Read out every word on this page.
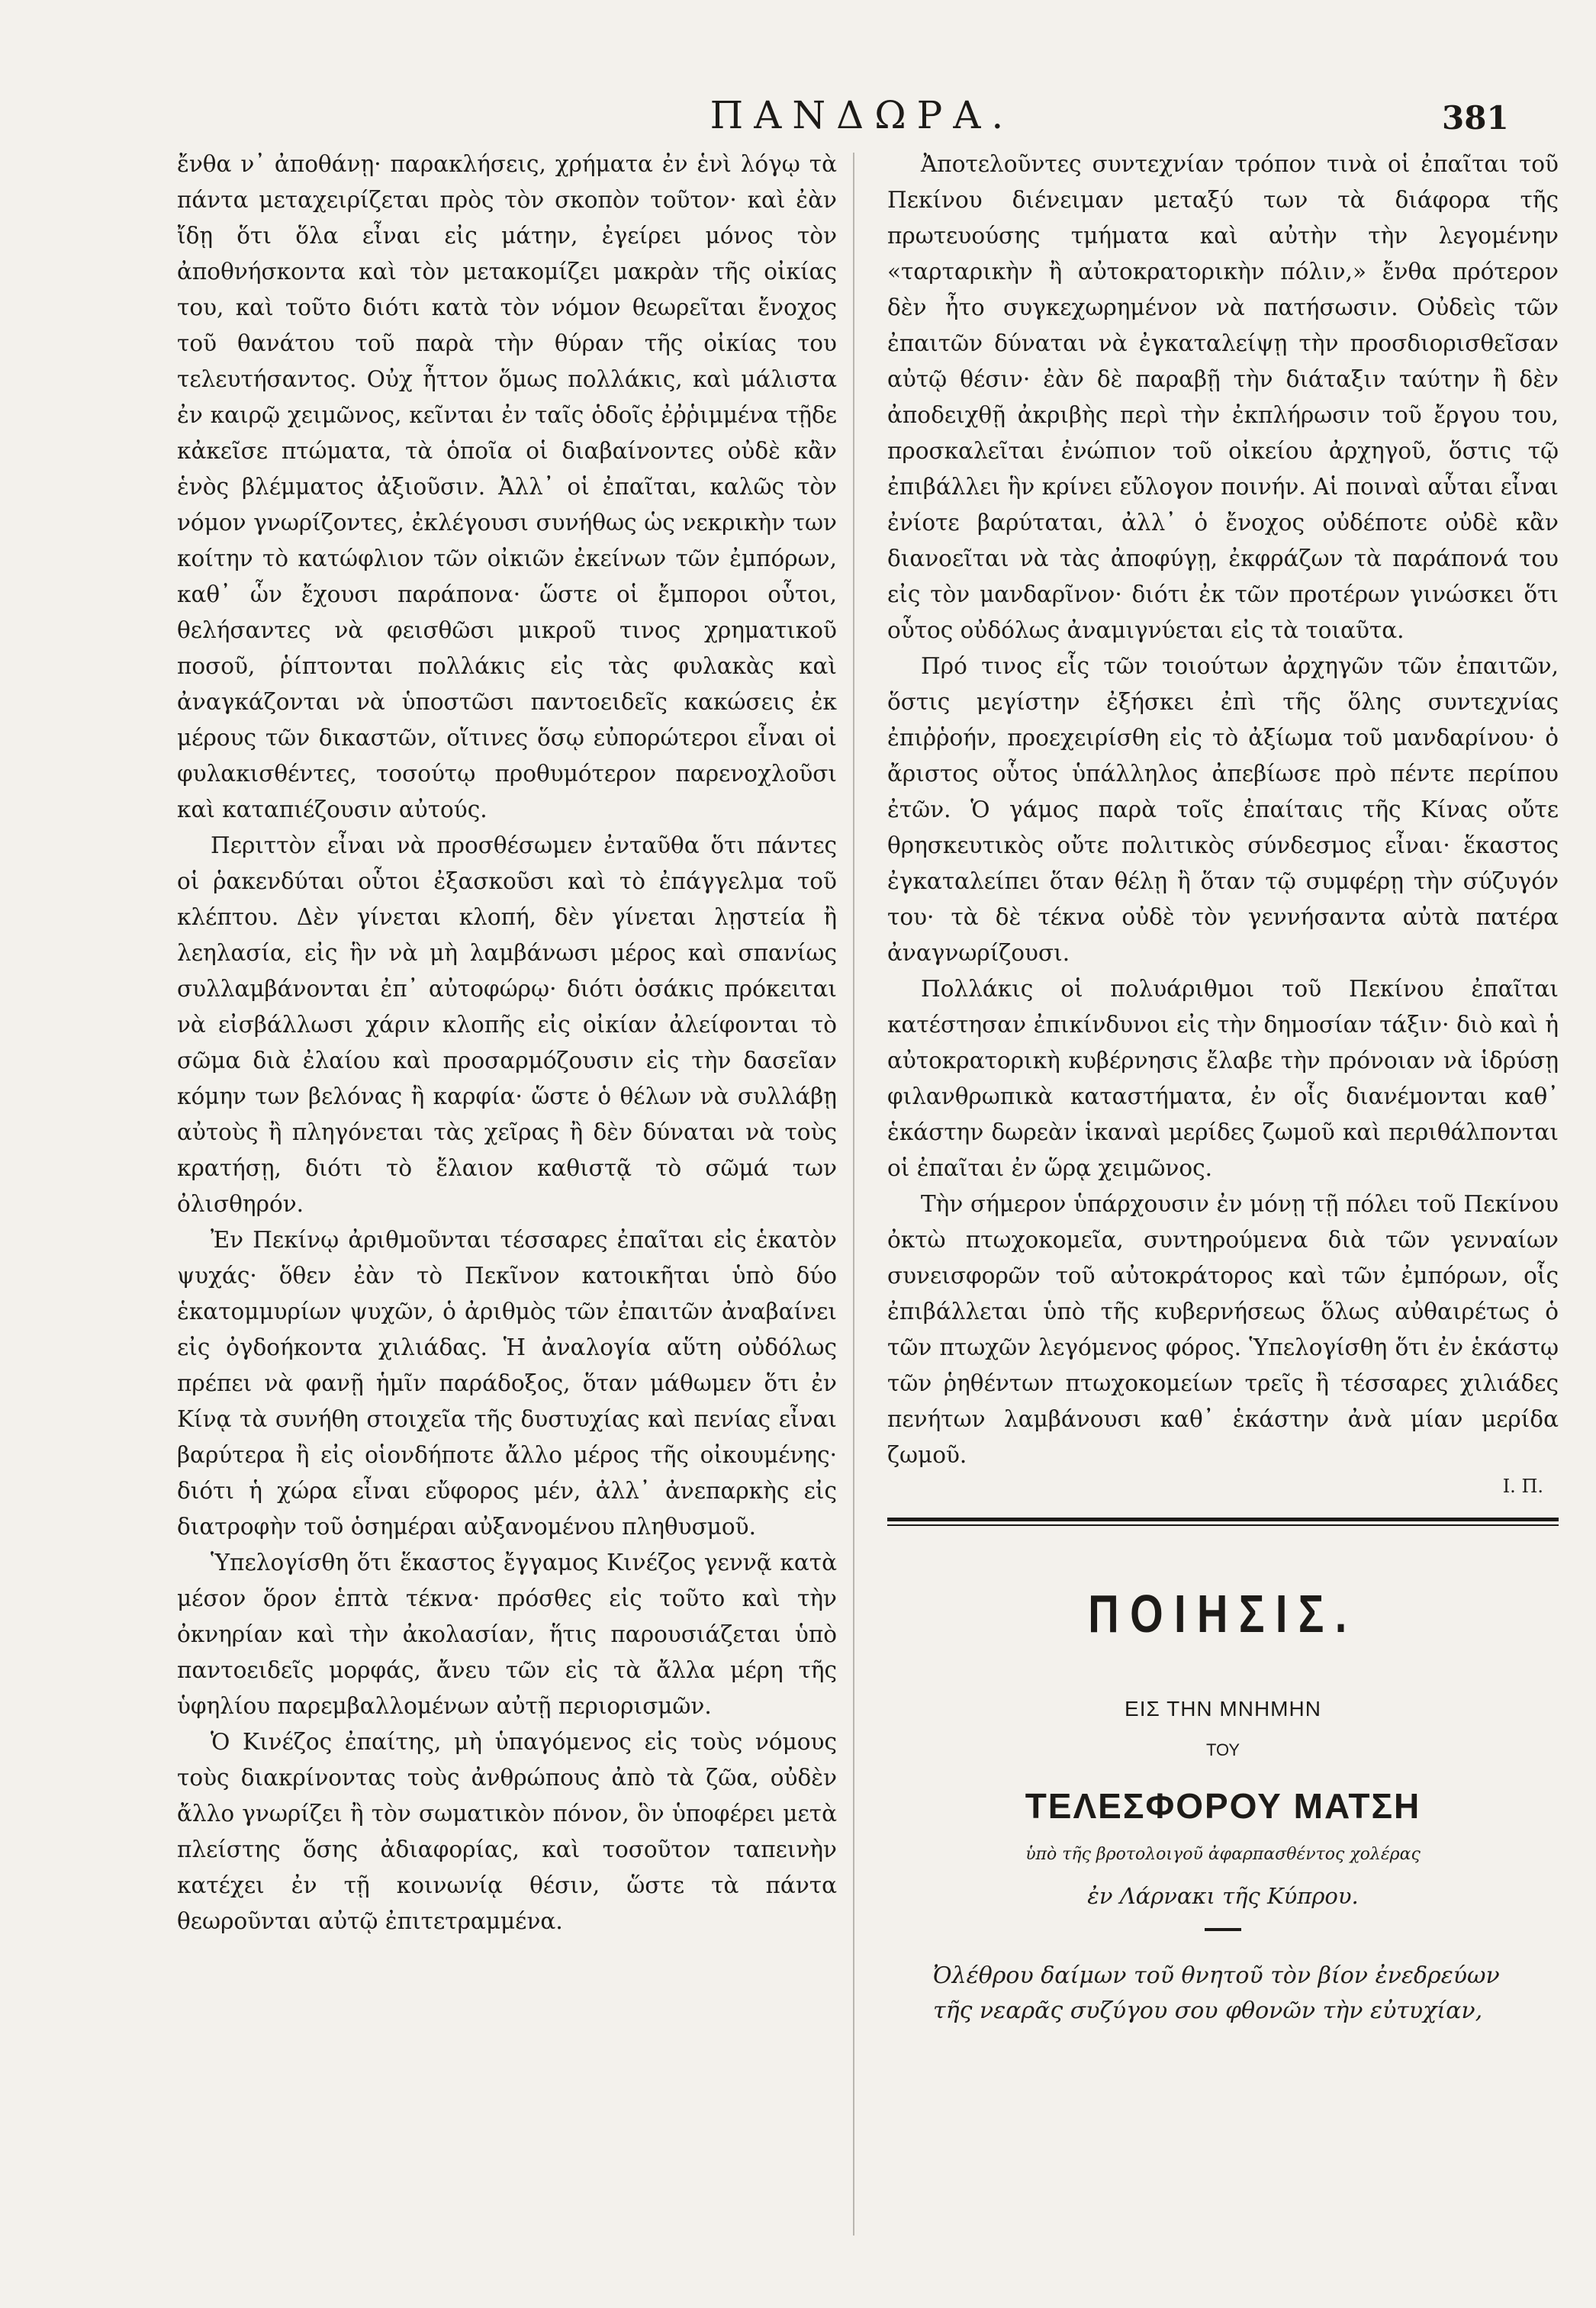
ΠΑΝΔΩΡΑ.	381

ἔνθα ν᾿ ἀποθάνῃ· παρακλήσεις, χρήματα ἐν ἑνὶ λόγῳ τὰ πάντα μεταχειρίζεται πρὸς τὸν σκοπὸν τοῦτον· καὶ ἐὰν ἴδῃ ὅτι ὅλα εἶναι εἰς μάτην, ἐγείρει μόνος τὸν ἀποθνήσκοντα καὶ τὸν μετακομίζει μακρὰν τῆς οἰκίας του, καὶ τοῦτο διότι κατὰ τὸν νόμον θεωρεῖται ἔνοχος τοῦ θανάτου τοῦ παρὰ τὴν θύραν τῆς οἰκίας του τελευτήσαντος. Οὐχ ἧττον ὅμως πολλάκις, καὶ μάλιστα ἐν καιρῷ χειμῶνος, κεῖνται ἐν ταῖς ὁδοῖς ἐῤῥιμμένα τῇδε κἀκεῖσε πτώματα, τὰ ὁποῖα οἱ διαβαίνοντες οὐδὲ κἂν ἑνὸς βλέμματος ἀξιοῦσιν. Ἀλλ᾿ οἱ ἐπαῖται, καλῶς τὸν νόμον γνωρίζοντες, ἐκλέγουσι συνήθως ὡς νεκρικὴν των κοίτην τὸ κατώφλιον τῶν οἰκιῶν ἐκείνων τῶν ἐμπόρων, καθ᾿ ὧν ἔχουσι παράπονα· ὥστε οἱ ἔμποροι οὗτοι, θελήσαντες νὰ φεισθῶσι μικροῦ τινος χρηματικοῦ ποσοῦ, ῥίπτονται πολλάκις εἰς τὰς φυλακὰς καὶ ἀναγκάζονται νὰ ὑποστῶσι παντοειδεῖς κακώσεις ἐκ μέρους τῶν δικαστῶν, οἵτινες ὅσῳ εὐπορώτεροι εἶναι οἱ φυλακισθέντες, τοσούτῳ προθυμότερον παρενοχλοῦσι καὶ καταπιέζουσιν αὐτούς.

Περιττὸν εἶναι νὰ προσθέσωμεν ἐνταῦθα ὅτι πάντες οἱ ῥακενδύται οὗτοι ἐξασκοῦσι καὶ τὸ ἐπάγγελμα τοῦ κλέπτου. Δὲν γίνεται κλοπή, δὲν γίνεται λῃστεία ἢ λεηλασία, εἰς ἣν νὰ μὴ λαμβάνωσι μέρος καὶ σπανίως συλλαμβάνονται ἐπ᾿ αὐτοφώρῳ· διότι ὁσάκις πρόκειται νὰ εἰσβάλλωσι χάριν κλοπῆς εἰς οἰκίαν ἀλείφονται τὸ σῶμα διὰ ἐλαίου καὶ προσαρμόζουσιν εἰς τὴν δασεῖαν κόμην των βελόνας ἢ καρφία· ὥστε ὁ θέλων νὰ συλλάβῃ αὐτοὺς ἢ πληγόνεται τὰς χεῖρας ἢ δὲν δύναται νὰ τοὺς κρατήσῃ, διότι τὸ ἔλαιον καθιστᾷ τὸ σῶμά των ὀλισθηρόν.

Ἐν Πεκίνῳ ἀριθμοῦνται τέσσαρες ἐπαῖται εἰς ἑκατὸν ψυχάς· ὅθεν ἐὰν τὸ Πεκῖνον κατοικῆται ὑπὸ δύο ἑκατομμυρίων ψυχῶν, ὁ ἀριθμὸς τῶν ἐπαιτῶν ἀναβαίνει εἰς ὀγδοήκοντα χιλιάδας. Ἡ ἀναλογία αὕτη οὐδόλως πρέπει νὰ φανῇ ἡμῖν παράδοξος, ὅταν μάθωμεν ὅτι ἐν Κίνᾳ τὰ συνήθη στοιχεῖα τῆς δυστυχίας καὶ πενίας εἶναι βαρύτερα ἢ εἰς οἱονδήποτε ἄλλο μέρος τῆς οἰκουμένης· διότι ἡ χώρα εἶναι εὔφορος μέν, ἀλλ᾿ ἀνεπαρκὴς εἰς διατροφὴν τοῦ ὁσημέραι αὐξανομένου πληθυσμοῦ.

Ὑπελογίσθη ὅτι ἕκαστος ἔγγαμος Κινέζος γεννᾷ κατὰ μέσον ὅρον ἑπτὰ τέκνα· πρόσθες εἰς τοῦτο καὶ τὴν ὀκνηρίαν καὶ τὴν ἀκολασίαν, ἥτις παρουσιάζεται ὑπὸ παντοειδεῖς μορφάς, ἄνευ τῶν εἰς τὰ ἄλλα μέρη τῆς ὑφηλίου παρεμβαλλομένων αὐτῇ περιορισμῶν.

Ὁ Κινέζος ἐπαίτης, μὴ ὑπαγόμενος εἰς τοὺς νόμους τοὺς διακρίνοντας τοὺς ἀνθρώπους ἀπὸ τὰ ζῶα, οὐδὲν ἄλλο γνωρίζει ἢ τὸν σωματικὸν πόνον, ὃν ὑποφέρει μετὰ πλείστης ὅσης ἀδιαφορίας, καὶ τοσοῦτον ταπεινὴν κατέχει ἐν τῇ κοινωνίᾳ θέσιν, ὥστε τὰ πάντα θεωροῦνται αὐτῷ ἐπιτετραμμένα.

Ἀποτελοῦντες συντεχνίαν τρόπον τινὰ οἱ ἐπαῖται τοῦ Πεκίνου διένειμαν μεταξύ των τὰ διάφορα τῆς πρωτευούσης τμήματα καὶ αὐτὴν τὴν λεγομένην «ταρταρικὴν ἢ αὐτοκρατορικὴν πόλιν,» ἔνθα πρότερον δὲν ἦτο συγκεχωρημένον νὰ πατήσωσιν. Οὐδεὶς τῶν ἐπαιτῶν δύναται νὰ ἐγκαταλείψῃ τὴν προσδιορισθεῖσαν αὐτῷ θέσιν· ἐὰν δὲ παραβῇ τὴν διάταξιν ταύτην ἢ δὲν ἀποδειχθῇ ἀκριβὴς περὶ τὴν ἐκπλήρωσιν τοῦ ἔργου του, προσκαλεῖται ἐνώπιον τοῦ οἰκείου ἀρχηγοῦ, ὅστις τῷ ἐπιβάλλει ἣν κρίνει εὔλογον ποινήν. Αἱ ποιναὶ αὗται εἶναι ἐνίοτε βαρύταται, ἀλλ᾿ ὁ ἔνοχος οὐδέποτε οὐδὲ κἂν διανοεῖται νὰ τὰς ἀποφύγῃ, ἐκφράζων τὰ παράπονά του εἰς τὸν μανδαρῖνον· διότι ἐκ τῶν προτέρων γινώσκει ὅτι οὗτος οὐδόλως ἀναμιγνύεται εἰς τὰ τοιαῦτα.

Πρό τινος εἷς τῶν τοιούτων ἀρχηγῶν τῶν ἐπαιτῶν, ὅστις μεγίστην ἐξήσκει ἐπὶ τῆς ὅλης συντεχνίας ἐπιῤῥοήν, προεχειρίσθη εἰς τὸ ἀξίωμα τοῦ μανδαρίνου· ὁ ἄριστος οὗτος ὑπάλληλος ἀπεβίωσε πρὸ πέντε περίπου ἐτῶν. Ὁ γάμος παρὰ τοῖς ἐπαίταις τῆς Κίνας οὔτε θρησκευτικὸς οὔτε πολιτικὸς σύνδεσμος εἶναι· ἕκαστος ἐγκαταλείπει ὅταν θέλῃ ἢ ὅταν τῷ συμφέρῃ τὴν σύζυγόν του· τὰ δὲ τέκνα οὐδὲ τὸν γεννήσαντα αὐτὰ πατέρα ἀναγνωρίζουσι.

Πολλάκις οἱ πολυάριθμοι τοῦ Πεκίνου ἐπαῖται κατέστησαν ἐπικίνδυνοι εἰς τὴν δημοσίαν τάξιν· διὸ καὶ ἡ αὐτοκρατορικὴ κυβέρνησις ἔλαβε τὴν πρόνοιαν νὰ ἱδρύσῃ φιλανθρωπικὰ καταστήματα, ἐν οἷς διανέμονται καθ᾿ ἑκάστην δωρεὰν ἱκαναὶ μερίδες ζωμοῦ καὶ περιθάλπονται οἱ ἐπαῖται ἐν ὥρᾳ χειμῶνος.

Τὴν σήμερον ὑπάρχουσιν ἐν μόνῃ τῇ πόλει τοῦ Πεκίνου ὀκτὼ πτωχοκομεῖα, συντηρούμενα διὰ τῶν γενναίων συνεισφορῶν τοῦ αὐτοκράτορος καὶ τῶν ἐμπόρων, οἷς ἐπιβάλλεται ὑπὸ τῆς κυβερνήσεως ὅλως αὐθαιρέτως ὁ τῶν πτωχῶν λεγόμενος φόρος. Ὑπελογίσθη ὅτι ἐν ἑκάστῳ τῶν ῥηθέντων πτωχοκομείων τρεῖς ἢ τέσσαρες χιλιάδες πενήτων λαμβάνουσι καθ᾿ ἑκάστην ἀνὰ μίαν μερίδα ζωμοῦ.

Ι. Π.
ΠΟΙΗΣΙΣ.
ΕΙΣ ΤΗΝ ΜΝΗΜΗΝ
ΤΟΥ
ΤΕΛΕΣΦΟΡΟΥ ΜΑΤΣΗ
ὑπὸ τῆς βροτολοιγοῦ ἀφαρπασθέντος χολέρας
ἐν Λάρνακι τῆς Κύπρου.
Ὀλέθρου δαίμων τοῦ θνητοῦ τὸν βίον ἐνεδρεύων
τῆς νεαρᾶς συζύγου σου φθονῶν τὴν εὐτυχίαν,
